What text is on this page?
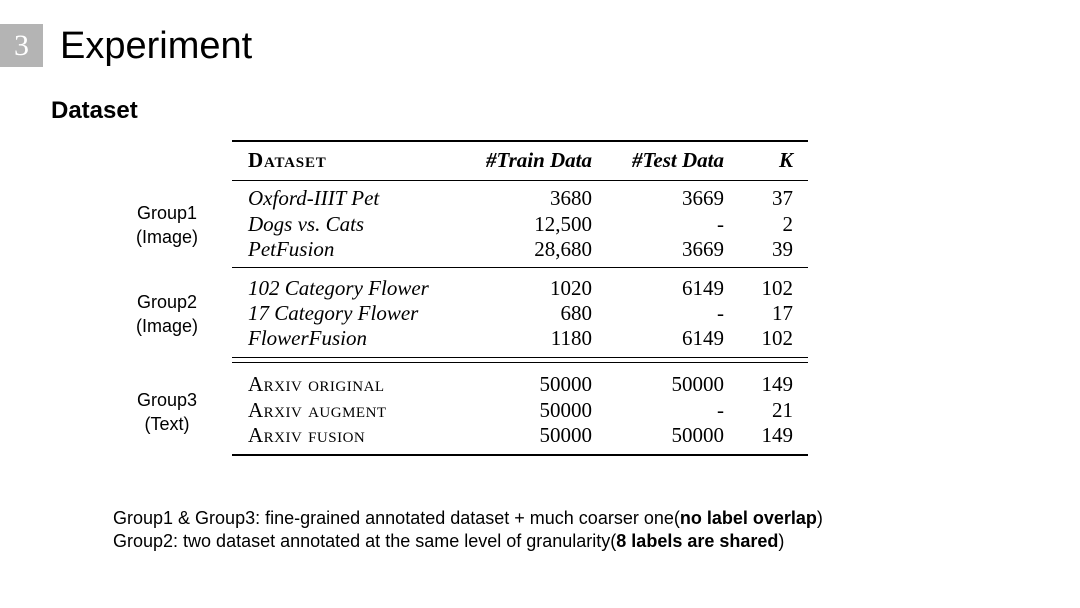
3 Experiment
Dataset
Group1
(Image)
Group2
(Image)
Group3
(Text)
Dataset	#Train Data	#Test Data	K
Oxford-IIIT Pet	3680	3669	37
Dogs vs. Cats	12,500	-	2
PetFusion	28,680	3669	39
102 Category Flower	1020	6149	102
17 Category Flower	680	-	17
FlowerFusion	1180	6149	102
Arxiv original	50000	50000	149
Arxiv augment	50000	-	21
Arxiv fusion	50000	50000	149
Group1 & Group3: fine-grained annotated dataset + much coarser one(no label overlap)
Group2: two dataset annotated at the same level of granularity(8 labels are shared)
